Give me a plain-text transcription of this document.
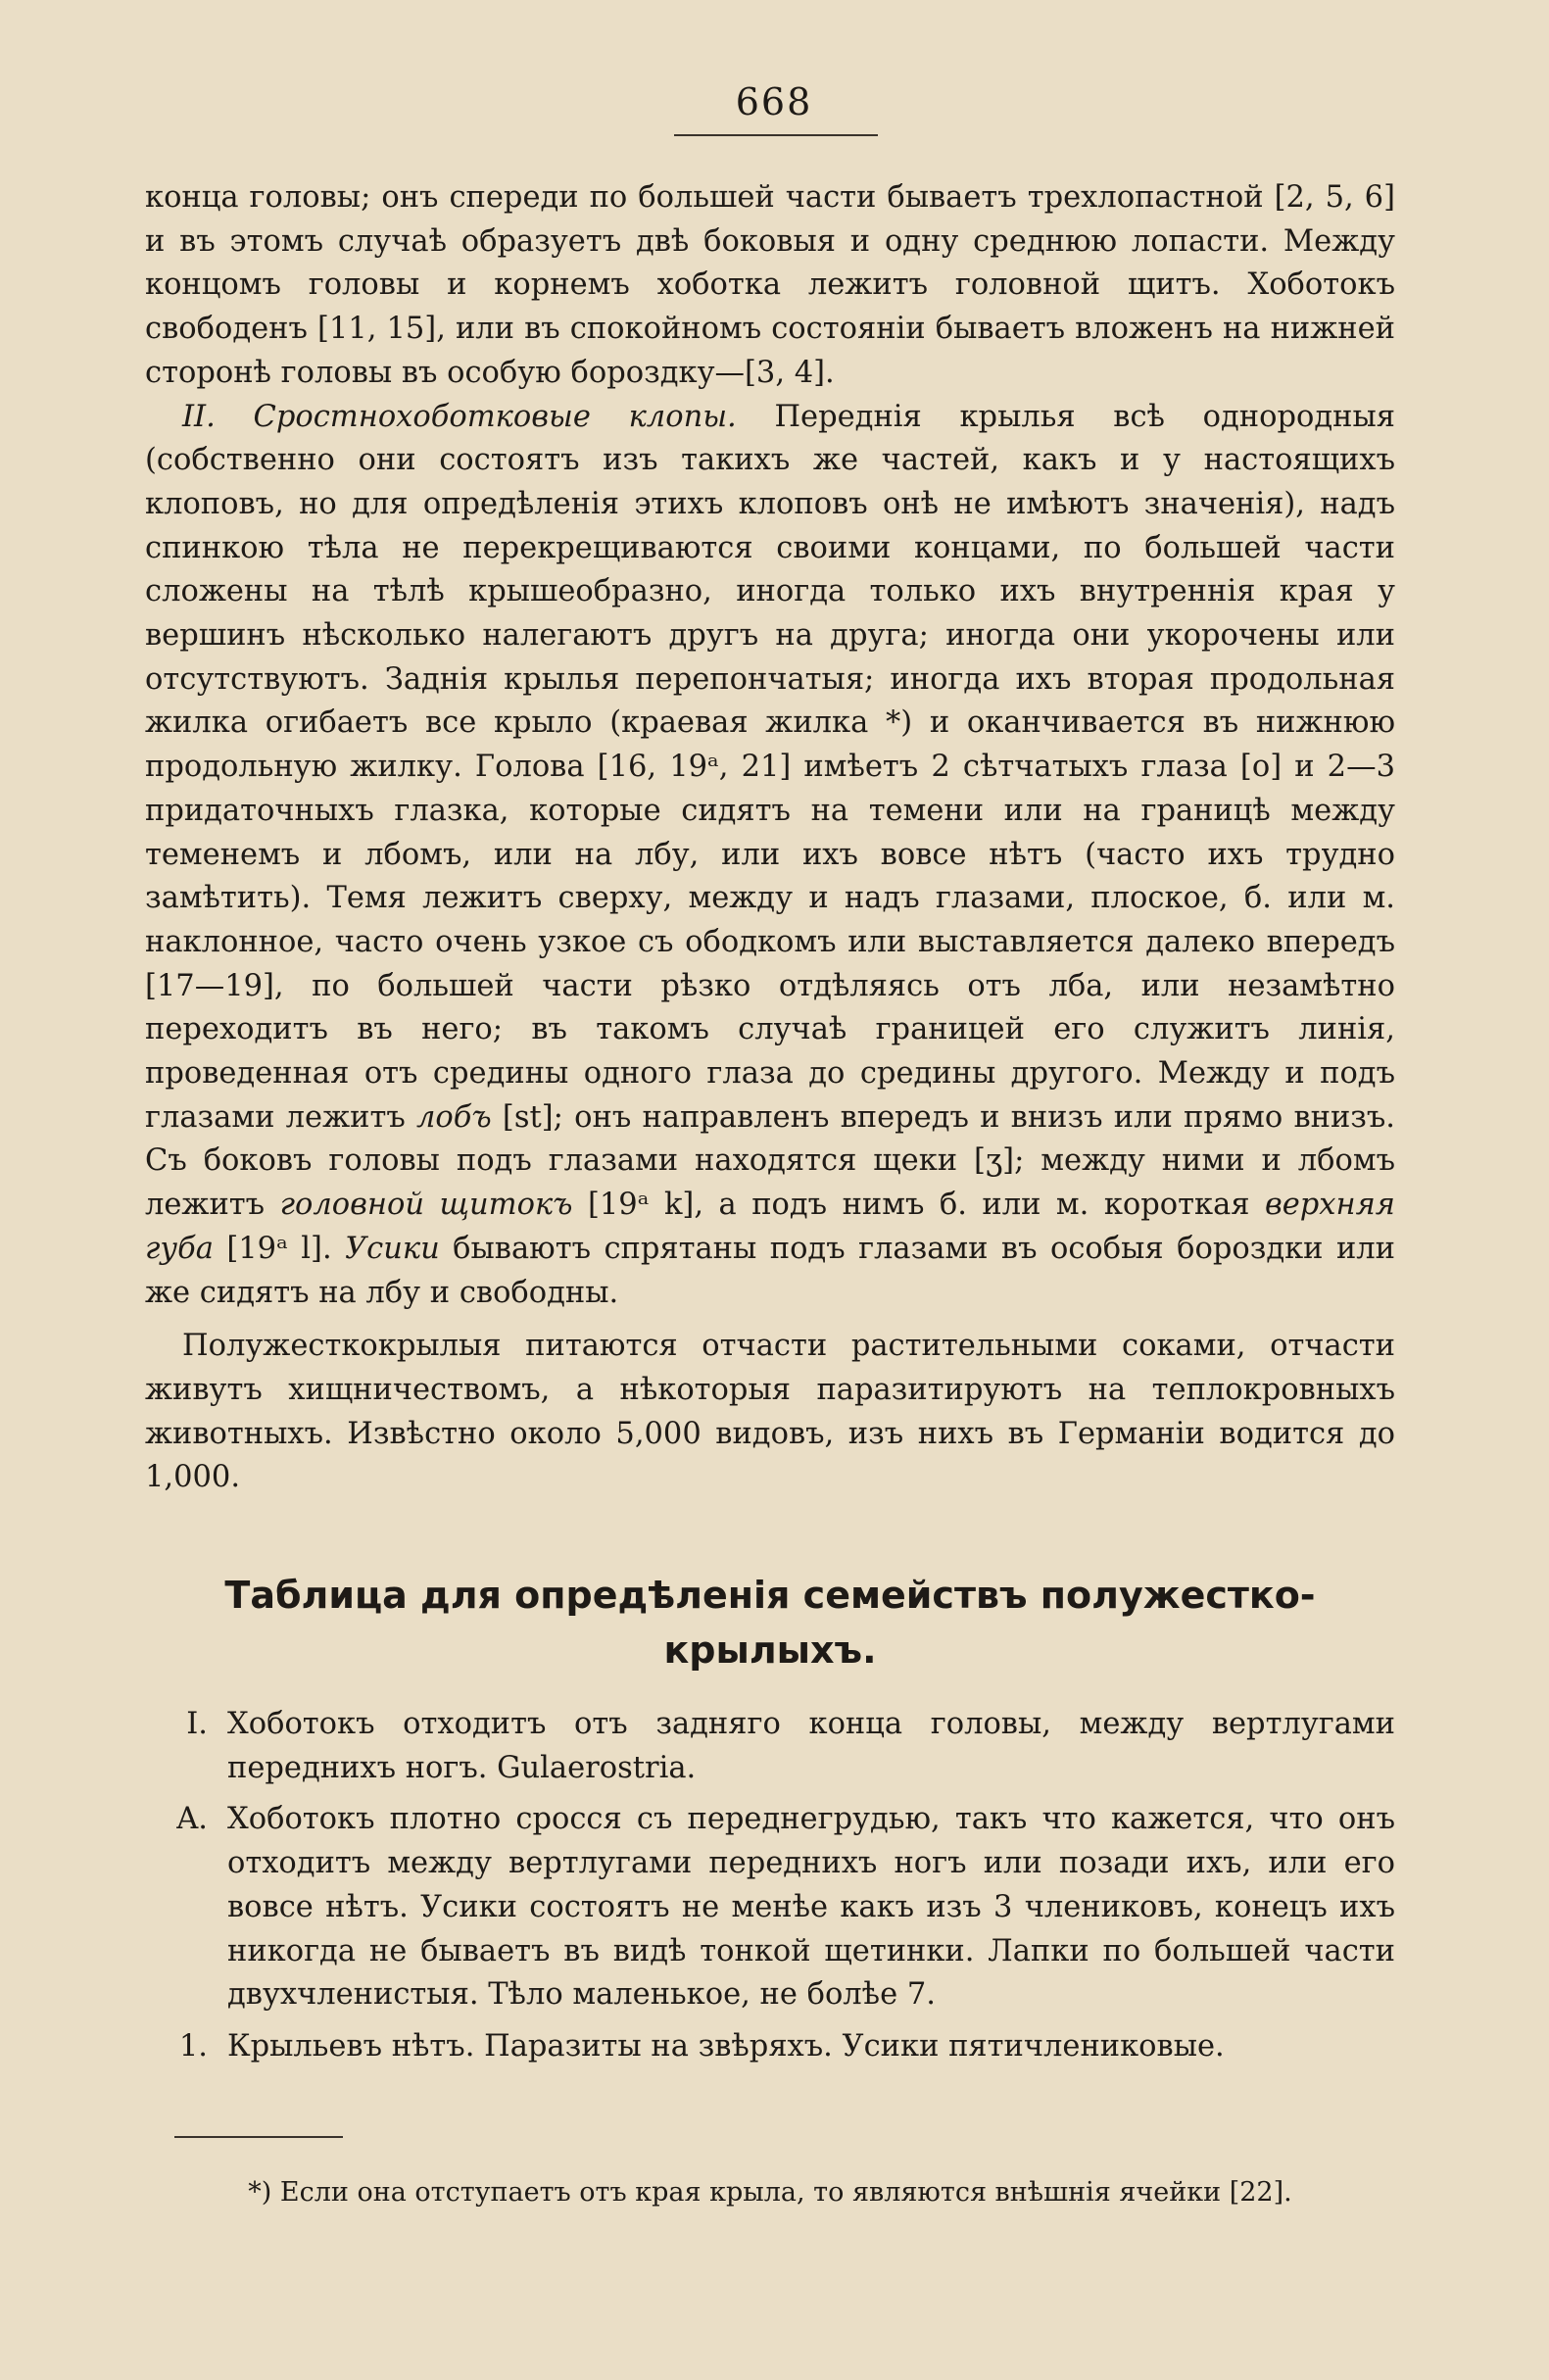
668

конца головы; онъ спереди по большей части бываетъ трехлопастной [2, 5, 6] и въ этомъ случаѣ образуетъ двѣ боковыя и одну среднюю лопасти. Между концомъ головы и корнемъ хоботка лежитъ головной щитъ. Хоботокъ свободенъ [11, 15], или въ спокойномъ состояніи бываетъ вложенъ на нижней сторонѣ головы въ особую бороздку—[3, 4].

II. Сростнохоботковые клопы. Переднія крылья всѣ однородныя (собственно они состоятъ изъ такихъ же частей, какъ и у настоящихъ клоповъ, но для опредѣленія этихъ клоповъ онѣ не имѣютъ значенія), надъ спинкою тѣла не перекрещиваются своими концами, по большей части сложены на тѣлѣ крышеобразно, иногда только ихъ внутреннія края у вершинъ нѣсколько налегаютъ другъ на друга; иногда они укорочены или отсутствуютъ. Заднія крылья перепончатыя; иногда ихъ вторая продольная жилка огибаетъ все крыло (краевая жилка *) и оканчивается въ нижнюю продольную жилку. Голова [16, 19ᵃ, 21] имѣетъ 2 сѣтчатыхъ глаза [o] и 2—3 придаточныхъ глазка, которые сидятъ на темени или на границѣ между теменемъ и лбомъ, или на лбу, или ихъ вовсе нѣтъ (часто ихъ трудно замѣтить). Темя лежитъ сверху, между и надъ глазами, плоское, б. или м. наклонное, часто очень узкое съ ободкомъ или выставляется далеко впередъ [17—19], по большей части рѣзко отдѣляясь отъ лба, или незамѣтно переходитъ въ него; въ такомъ случаѣ границей его служитъ линія, проведенная отъ средины одного глаза до средины другого. Между и подъ глазами лежитъ лобъ [st]; онъ направленъ впередъ и внизъ или прямо внизъ. Съ боковъ головы подъ глазами находятся щеки [ʒ]; между ними и лбомъ лежитъ головной щитокъ [19ᵃ k], а подъ нимъ б. или м. короткая верхняя губа [19ᵃ l]. Усики бываютъ спрятаны подъ глазами въ особыя бороздки или же сидятъ на лбу и свободны.

Полужесткокрылыя питаются отчасти растительными соками, отчасти живутъ хищничествомъ, а нѣкоторыя паразитируютъ на теплокровныхъ животныхъ. Извѣстно около 5,000 видовъ, изъ нихъ въ Германіи водится до 1,000.

Таблица для опредѣленія семействъ полужестко-
крылыхъ.
I. Хоботокъ отходитъ отъ задняго конца головы, между вертлугами переднихъ ногъ. Gulaerostria.
A. Хоботокъ плотно сросся съ переднегрудью, такъ что кажется, что онъ отходитъ между вертлугами переднихъ ногъ или позади ихъ, или его вовсе нѣтъ. Усики состоятъ не менѣе какъ изъ 3 члениковъ, конецъ ихъ никогда не бываетъ въ видѣ тонкой щетинки. Лапки по большей части двухчленистыя. Тѣло маленькое, не болѣе 7.
1. Крыльевъ нѣтъ. Паразиты на звѣряхъ. Усики пятичлениковые.
*) Если она отступаетъ отъ края крыла, то являются внѣшнія ячейки [22].
